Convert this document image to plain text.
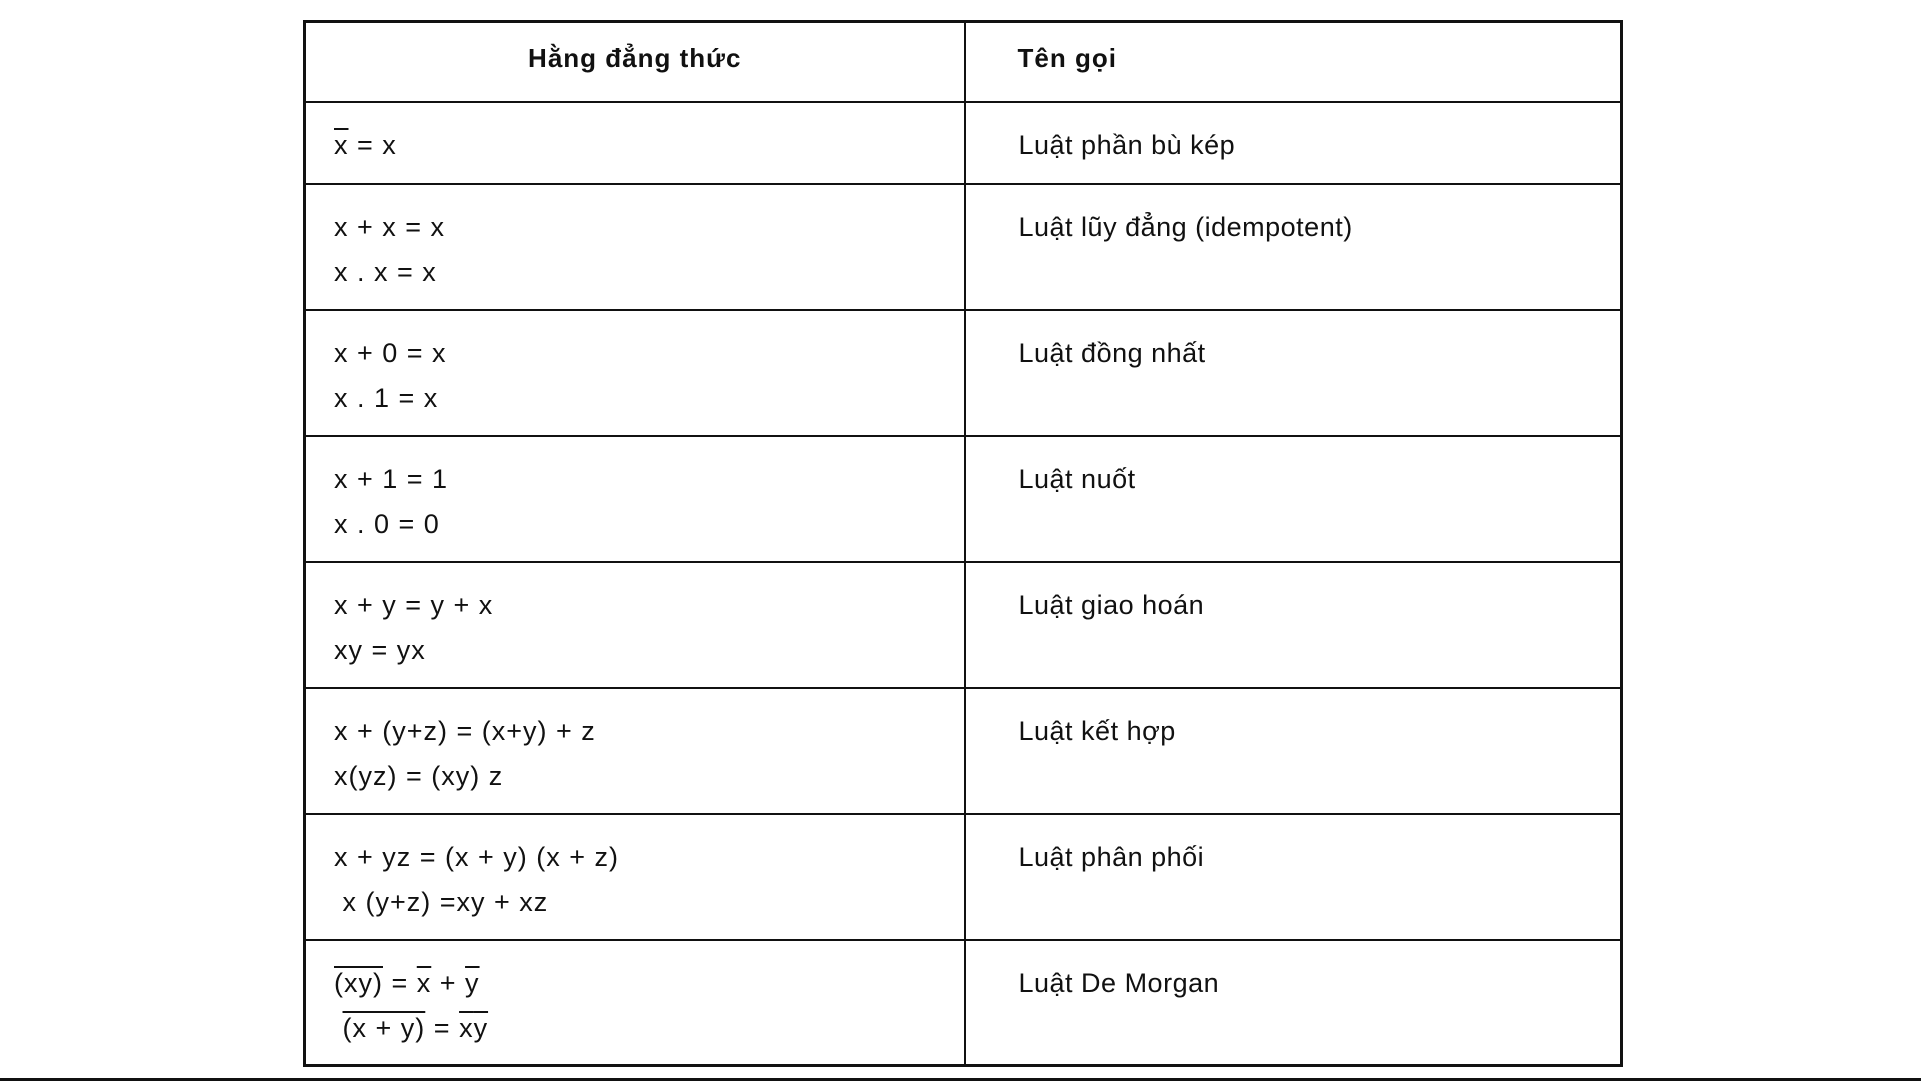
Hằng đẳng thức	Tên gọi

$\overline{x} = x$	Luật phần bù kép

x + x = x
x . x = x	Luật lũy đẳng (idempotent)

x + 0 = x
x . 1 = x	Luật đồng nhất

x + 1 = 1
x . 0 = 0	Luật nuốt

x + y = y + x
xy = yx	Luật giao hoán

x + (y+z) = (x+y) + z
x(yz) = (xy) z	Luật kết hợp

x + yz = (x + y) (x + z)
x (y+z) =xy + xz	Luật phân phối

$(xy) = \overline{x} + \overline{y}$
$(x + y) = \overline{x}\overline{y}$	Luật De Morgan
